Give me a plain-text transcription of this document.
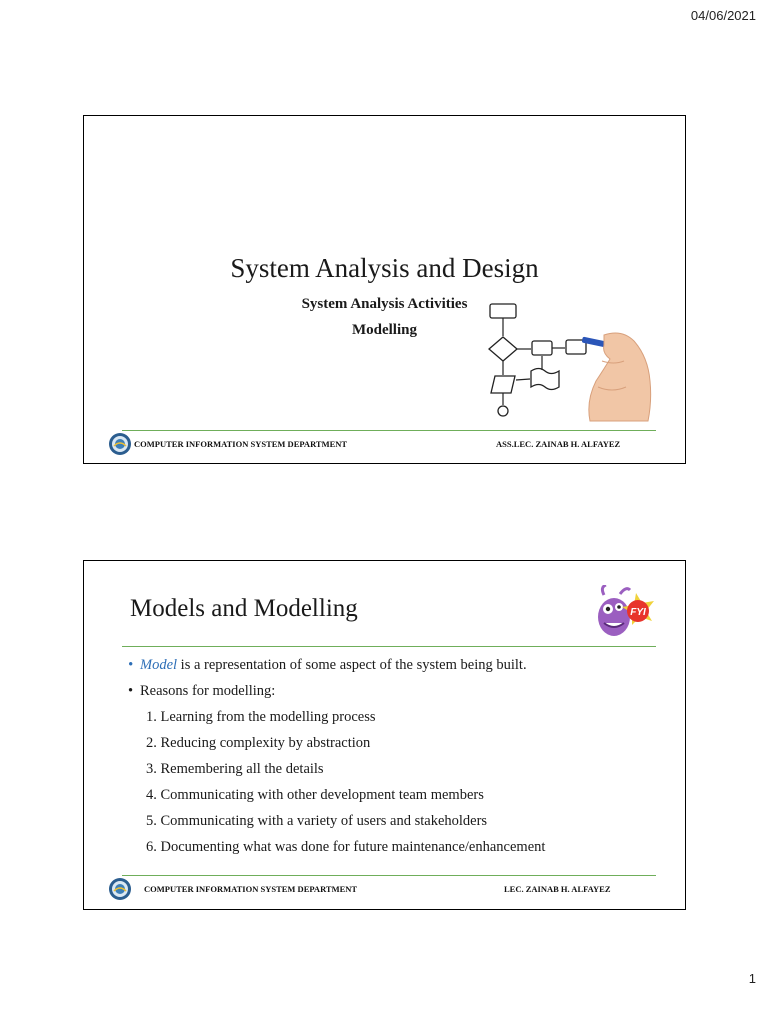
04/06/2021
System Analysis and Design
System Analysis Activities
Modelling
COMPUTER INFORMATION SYSTEM DEPARTMENT	ASS.LEC. ZAINAB H. ALFAYEZ
Models and Modelling	FYI
• Model is a representation of some aspect of the system being built.
• Reasons for modelling:
1. Learning from the modelling process
2. Reducing complexity by abstraction
3. Remembering all the details
4. Communicating with other development team members
5. Communicating with a variety of users and stakeholders
6. Documenting what was done for future maintenance/enhancement
COMPUTER INFORMATION SYSTEM DEPARTMENT	LEC. ZAINAB H. ALFAYEZ
1
